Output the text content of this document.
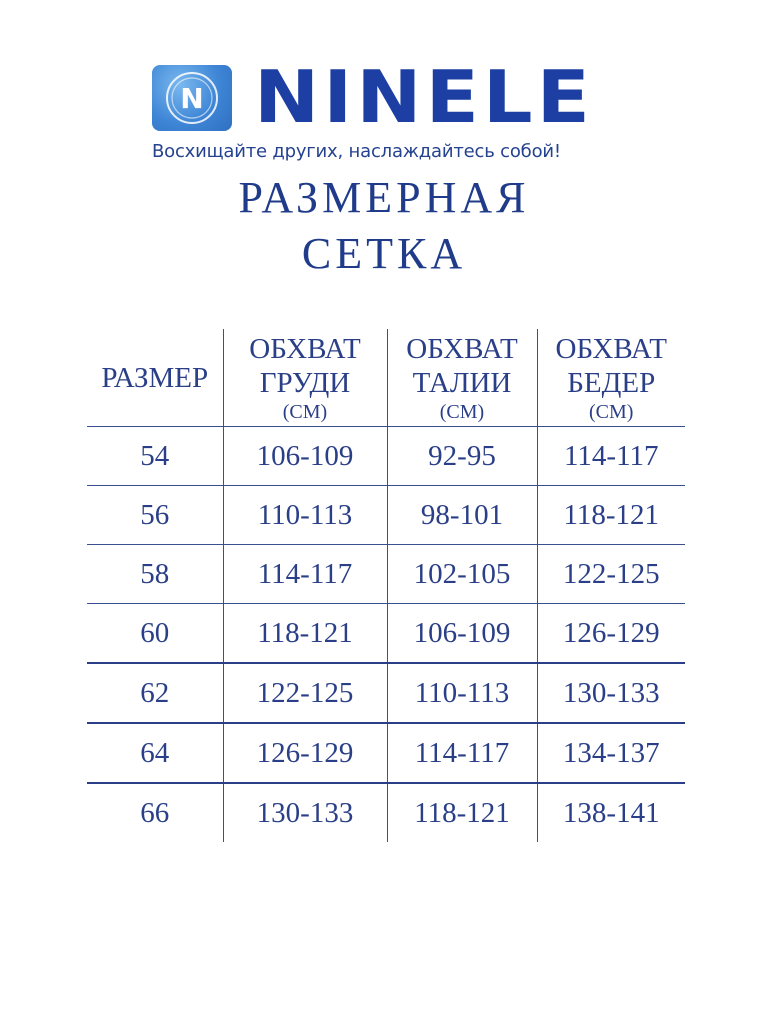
N NINELE
Восхищайте других, наслаждайтесь собой!
РАЗМЕРНАЯ
СЕТКА
РАЗМЕР	ОБХВАТ
ГРУДИ
(СМ)	ОБХВАТ
ТАЛИИ
(СМ)	ОБХВАТ
БЕДЕР
(СМ)

54	106-109	92-95	114-117
56	110-113	98-101	118-121
58	114-117	102-105	122-125
60	118-121	106-109	126-129
62	122-125	110-113	130-133
64	126-129	114-117	134-137
66	130-133	118-121	138-141
